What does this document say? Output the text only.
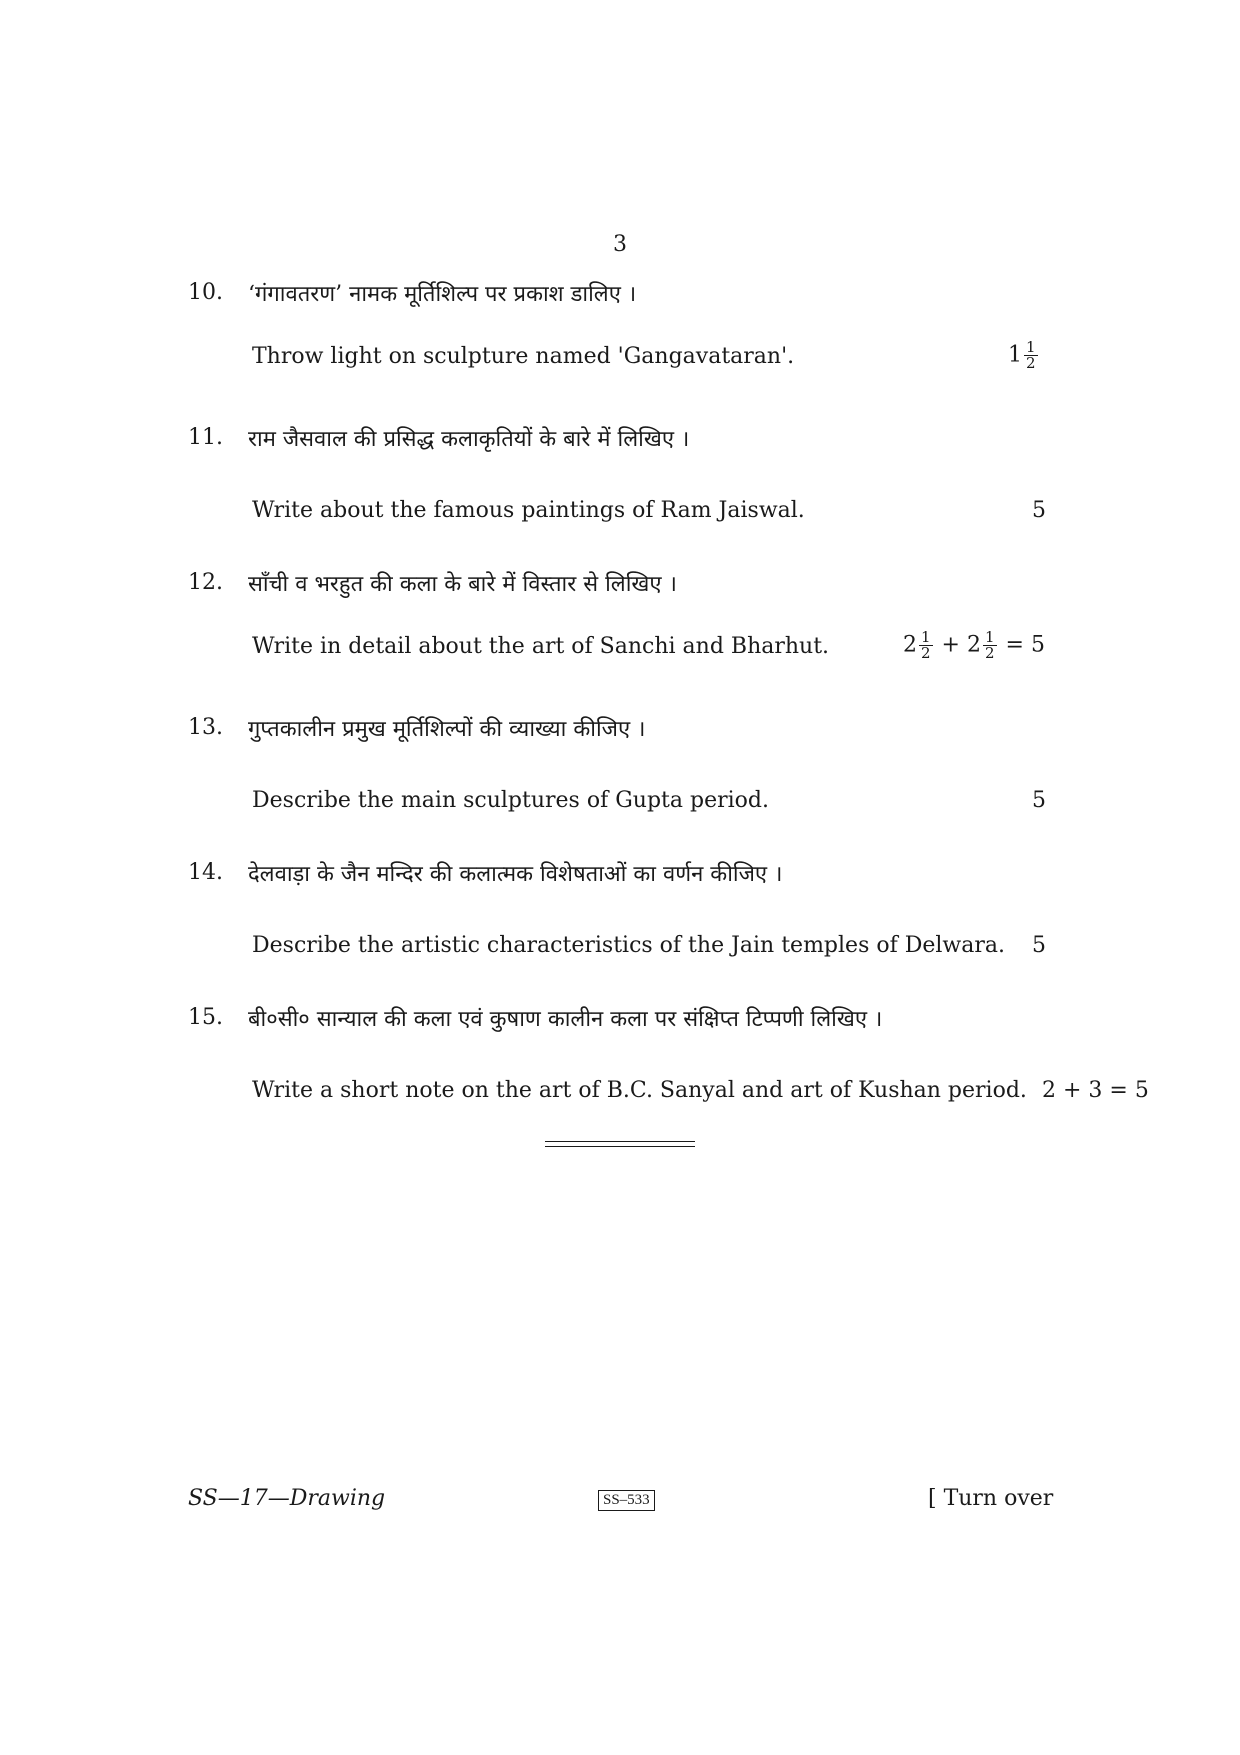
3
10. ‘गंगावतरण’ नामक मूर्तिशिल्प पर प्रकाश डालिए ।
Throw light on sculpture named 'Gangavataran'.	$1 \frac{1}{2}$
11. राम जैसवाल की प्रसिद्ध कलाकृतियों के बारे में लिखिए ।
Write about the famous paintings of Ram Jaiswal.	5
12. साँची व भरहुत की कला के बारे में विस्तार से लिखिए ।
Write in detail about the art of Sanchi and Bharhut.	$2 \frac{1}{2} + 2 \frac{1}{2} = 5$
13. गुप्तकालीन प्रमुख मूर्तिशिल्पों की व्याख्या कीजिए ।
Describe the main sculptures of Gupta period.	5
14. देलवाड़ा के जैन मन्दिर की कलात्मक विशेषताओं का वर्णन कीजिए ।
Describe the artistic characteristics of the Jain temples of Delwara. 5
15. बी०सी० सान्याल की कला एवं कुषाण कालीन कला पर संक्षिप्त टिप्पणी लिखिए ।
Write a short note on the art of B.C. Sanyal and art of Kushan period. 2 + 3 = 5
SS—17—Drawing	SS–533	[ Turn over
